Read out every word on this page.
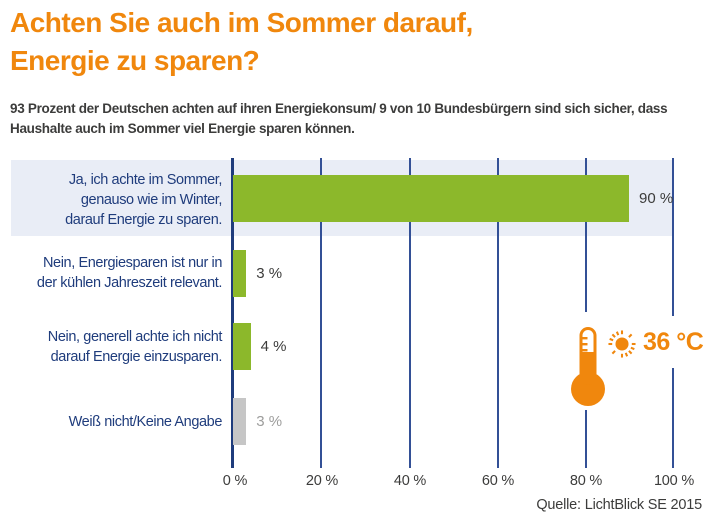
Achten Sie auch im Sommer darauf,
Energie zu sparen?

93 Prozent der Deutschen achten auf ihren Energiekonsum/ 9 von 10 Bundesbürgern sind sich sicher, dass
Haushalte auch im Sommer viel Energie sparen können.

Ja, ich achte im Sommer,
genauso wie im Winter,
darauf Energie zu sparen.
Nein, Energiesparen ist nur in
der kühlen Jahreszeit relevant.
Nein, generell achte ich nicht
darauf Energie einzusparen.
Weiß nicht/Keine Angabe
90 %
3 %
4 %
3 %
0 %	20 %	40 %	60 %	80 %	100 %
36 °C
Quelle: LichtBlick SE 2015
